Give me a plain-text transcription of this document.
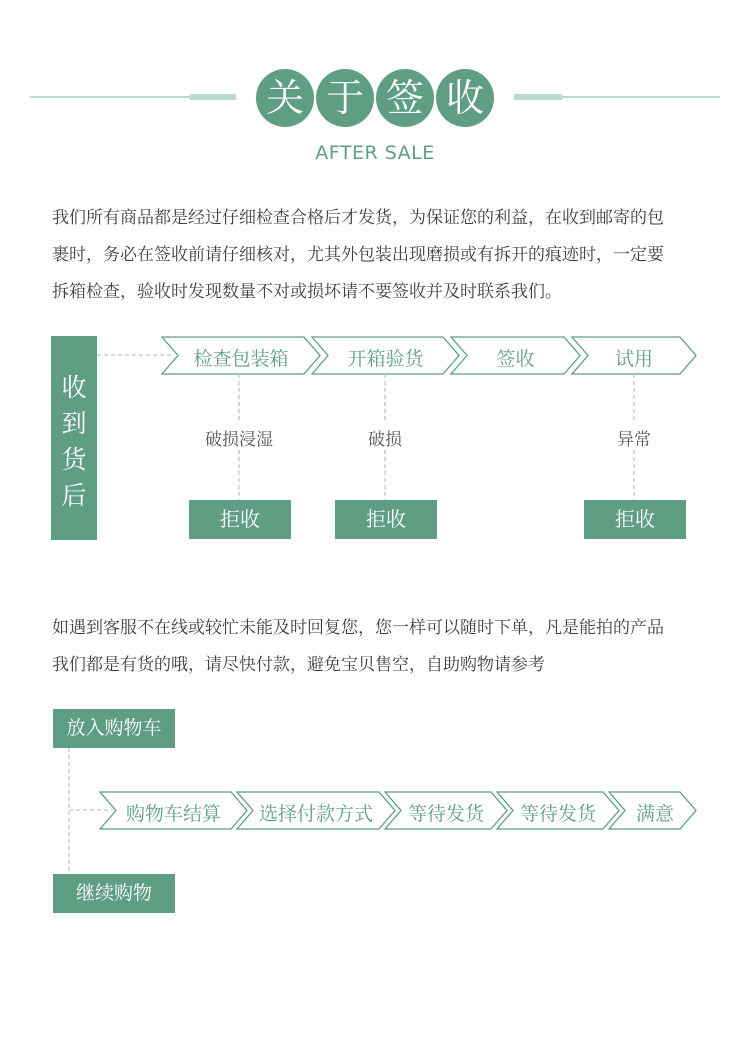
关 于 签 收
AFTER SALE
我们所有商品都是经过仔细检查合格后才发货，为保证您的利益，在收到邮寄的包
裹时，务必在签收前请仔细核对，尤其外包装出现磨损或有拆开的痕迹时，一定要
拆箱检查，验收时发现数量不对或损坏请不要签收并及时联系我们。
收
到
货
后
检查包装箱	开箱验货	签收	试用
破损浸湿	破损	异常
拒收	拒收	拒收
如遇到客服不在线或较忙未能及时回复您，您一样可以随时下单，凡是能拍的产品
我们都是有货的哦，请尽快付款，避免宝贝售空，自助购物请参考
放入购物车
购物车结算	选择付款方式	等待发货	等待发货	满意
继续购物
